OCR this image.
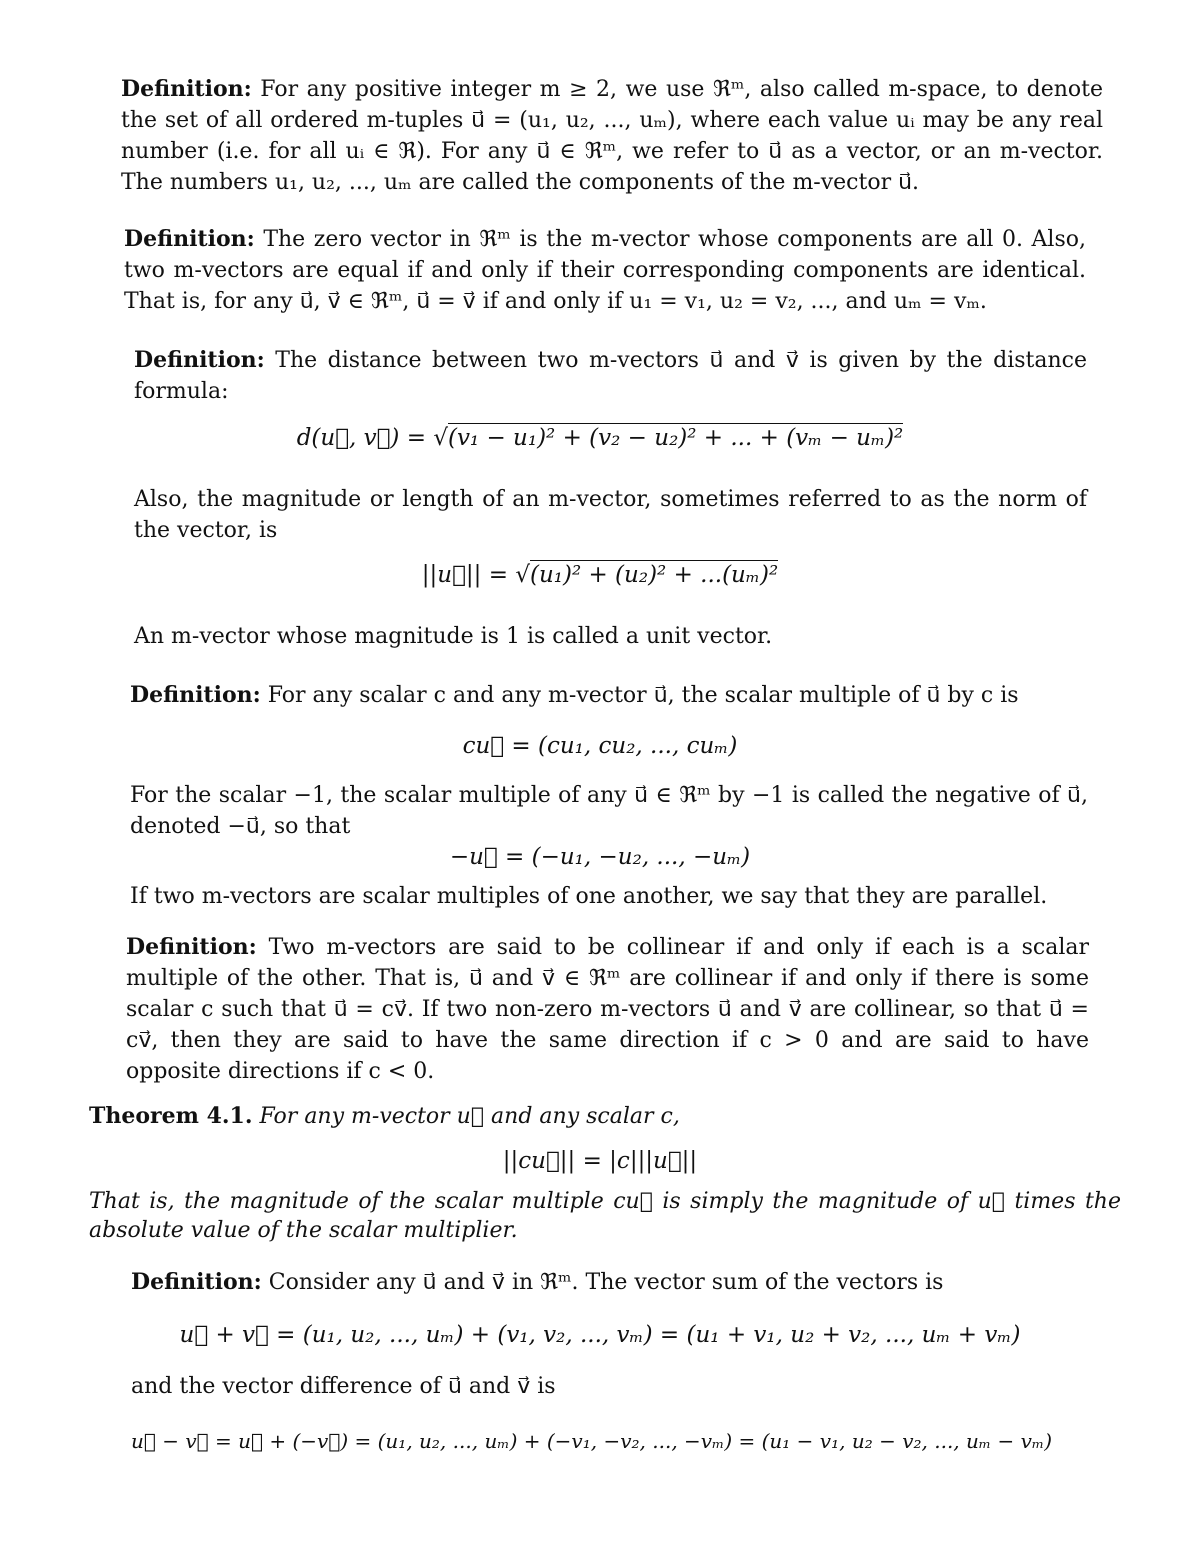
Definition: For any positive integer m ≥ 2, we use ℜᵐ, also called m-space, to denote the set of all ordered m-tuples u⃗ = (u₁, u₂, ..., uₘ), where each value uᵢ may be any real number (i.e. for all uᵢ ∈ ℜ). For any u⃗ ∈ ℜᵐ, we refer to u⃗ as a vector, or an m-vector. The numbers u₁, u₂, ..., uₘ are called the components of the m-vector u⃗.

Definition: The zero vector in ℜᵐ is the m-vector whose components are all 0. Also, two m-vectors are equal if and only if their corresponding components are identical. That is, for any u⃗, v⃗ ∈ ℜᵐ, u⃗ = v⃗ if and only if u₁ = v₁, u₂ = v₂, ..., and uₘ = vₘ.

Definition: The distance between two m-vectors u⃗ and v⃗ is given by the distance formula:

d(u⃗, v⃗) = √(v₁ − u₁)² + (v₂ − u₂)² + ... + (vₘ − uₘ)²

Also, the magnitude or length of an m-vector, sometimes referred to as the norm of the vector, is

||u⃗|| = √(u₁)² + (u₂)² + ...(uₘ)²

An m-vector whose magnitude is 1 is called a unit vector.

Definition: For any scalar c and any m-vector u⃗, the scalar multiple of u⃗ by c is

cu⃗ = (cu₁, cu₂, ..., cuₘ)

For the scalar −1, the scalar multiple of any u⃗ ∈ ℜᵐ by −1 is called the negative of u⃗, denoted −u⃗, so that

−u⃗ = (−u₁, −u₂, ..., −uₘ)

If two m-vectors are scalar multiples of one another, we say that they are parallel.

Definition: Two m-vectors are said to be collinear if and only if each is a scalar multiple of the other. That is, u⃗ and v⃗ ∈ ℜᵐ are collinear if and only if there is some scalar c such that u⃗ = cv⃗. If two non-zero m-vectors u⃗ and v⃗ are collinear, so that u⃗ = cv⃗, then they are said to have the same direction if c > 0 and are said to have opposite directions if c < 0.

Theorem 4.1. For any m-vector u⃗ and any scalar c,

||cu⃗|| = |c|||u⃗||

That is, the magnitude of the scalar multiple cu⃗ is simply the magnitude of u⃗ times the absolute value of the scalar multiplier.

Definition: Consider any u⃗ and v⃗ in ℜᵐ. The vector sum of the vectors is

u⃗ + v⃗ = (u₁, u₂, ..., uₘ) + (v₁, v₂, ..., vₘ) = (u₁ + v₁, u₂ + v₂, ..., uₘ + vₘ)

and the vector difference of u⃗ and v⃗ is

u⃗ − v⃗ = u⃗ + (−v⃗) = (u₁, u₂, ..., uₘ) + (−v₁, −v₂, ..., −vₘ) = (u₁ − v₁, u₂ − v₂, ..., uₘ − vₘ)
